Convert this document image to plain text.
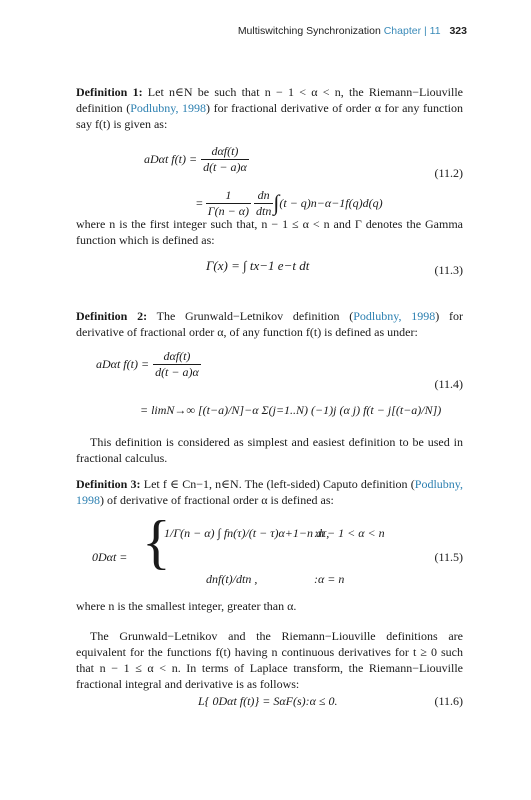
Multiswitching Synchronization Chapter | 11 323
Definition 1: Let n∈N be such that n − 1 < α < n, the Riemann−Liouville definition (Podlubny, 1998) for fractional derivative of order α for any function say f(t) is given as:
aDαt $f(t) = \frac{\text{dαf(t)}}{d(t - a)\alpha}$
= $\frac{1}{\Gamma(n - \alpha)} \frac{dn}{\text{dtn}}$ ∫ (t − q)n−α−1f(q)d(q)
(11.2)
where n is the first integer such that, n − 1 ≤ α < n and Γ denotes the Gamma function which is defined as:
Γ(x) = ∫ tx−1 e−t dt	(11.3)
Definition 2: The Grunwald−Letnikov definition (Podlubny, 1998) for derivative of fractional order α, of any function f(t) is defined as under:
aDαt $f(t) = \frac{\text{dαf(t)}}{d(t - a)\alpha}$
= limN→∞ [(t−a)/N]−α Σ(j=1..N) (−1)j (α j) f(t − j[(t−a)/N])
(11.4)
This definition is considered as simplest and easiest definition to be used in fractional calculus.
Definition 3: Let f ∈ Cn−1, n∈N. The (left-sided) Caputo definition (Podlubny, 1998) of derivative of fractional order α is defined as:
0Dαt = {
1/Γ(n − α) ∫ fn(τ)/(t − τ)α+1−n dτ,
:n − 1 < α < n
dnf(t)/dtn ,	:α = n
(11.5)
where n is the smallest integer, greater than α.
The Grunwald−Letnikov and the Riemann−Liouville definitions are equivalent for the functions f(t) having n continuous derivatives for t ≥ 0 such that n − 1 ≤ α < n. In terms of Laplace transform, the Riemann−Liouville fractional integral and derivative is as follows:
L{ 0Dαt f(t)} = SαF(s):α ≤ 0.	(11.6)
